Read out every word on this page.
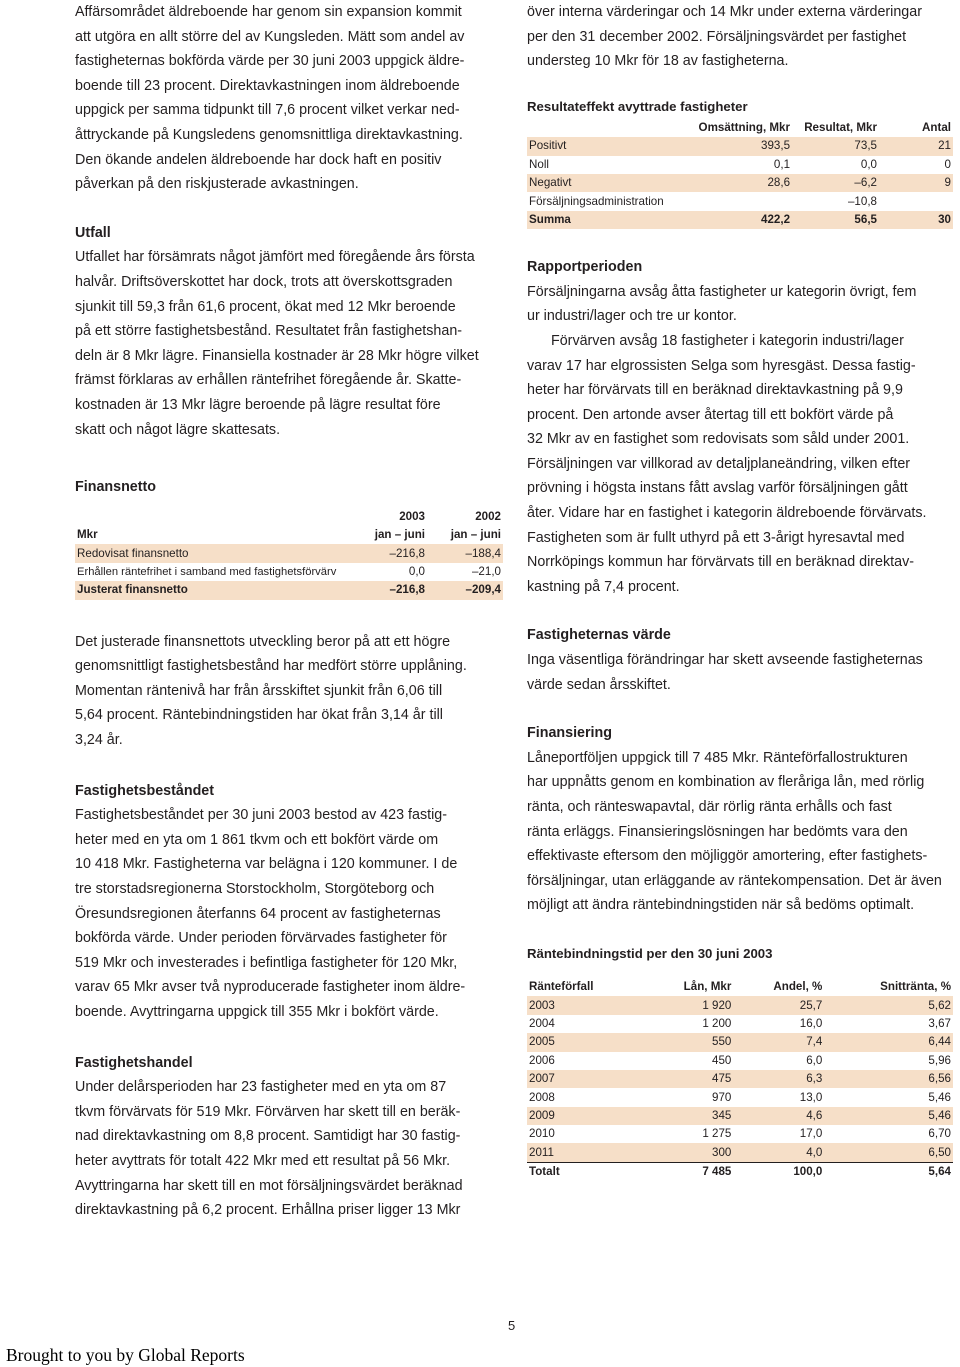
Affärsområdet äldreboende har genom sin expansion kommit
att utgöra en allt större del av Kungsleden. Mätt som andel av
fastigheternas bokförda värde per 30 juni 2003 uppgick äldre-
boende till 23 procent. Direktavkastningen inom äldreboende
uppgick per samma tidpunkt till 7,6 procent vilket verkar ned-
åttryckande på Kungsledens genomsnittliga direktavkastning.
Den ökande andelen äldreboende har dock haft en positiv
påverkan på den riskjusterade avkastningen.

Utfall

Utfallet har försämrats något jämfört med föregående års första
halvår. Driftsöverskottet har dock, trots att överskottsgraden
sjunkit till 59,3 från 61,6 procent, ökat med 12 Mkr beroende
på ett större fastighetsbestånd. Resultatet från fastighetshan-
deln är 8 Mkr lägre. Finansiella kostnader är 28 Mkr högre vilket
främst förklaras av erhållen räntefrihet föregående år. Skatte-
kostnaden är 13 Mkr lägre beroende på lägre resultat före
skatt och något lägre skattesats.

Finansnetto
	2003	2002
Mkr	jan – juni	jan – juni
Redovisat finansnetto	–216,8	–188,4
Erhållen räntefrihet i samband med fastighetsförvärv	0,0	–21,0
Justerat finansnetto	–216,8	–209,4

Det justerade finansnettots utveckling beror på att ett högre
genomsnittligt fastighetsbestånd har medfört större upplåning.
Momentan räntenivå har från årsskiftet sjunkit från 6,06 till
5,64 procent. Räntebindningstiden har ökat från 3,14 år till
3,24 år.

Fastighetsbeståndet

Fastighetsbeståndet per 30 juni 2003 bestod av 423 fastig-
heter med en yta om 1 861 tkvm och ett bokfört värde om
10 418 Mkr. Fastigheterna var belägna i 120 kommuner. I de
tre storstadsregionerna Storstockholm, Storgöteborg och
Öresundsregionen återfanns 64 procent av fastigheternas
bokförda värde. Under perioden förvärvades fastigheter för
519 Mkr och investerades i befintliga fastigheter för 120 Mkr,
varav 65 Mkr avser två nyproducerade fastigheter inom äldre-
boende. Avyttringarna uppgick till 355 Mkr i bokfört värde.

Fastighetshandel

Under delårsperioden har 23 fastigheter med en yta om 87
tkvm förvärvats för 519 Mkr. Förvärven har skett till en beräk-
nad direktavkastning om 8,8 procent. Samtidigt har 30 fastig-
heter avyttrats för totalt 422 Mkr med ett resultat på 56 Mkr.
Avyttringarna har skett till en mot försäljningsvärdet beräknad
direktavkastning på 6,2 procent. Erhållna priser ligger 13 Mkr

över interna värderingar och 14 Mkr under externa värderingar
per den 31 december 2002. Försäljningsvärdet per fastighet
understeg 10 Mkr för 18 av fastigheterna.

Resultateffekt avyttrade fastigheter
	Omsättning, Mkr	Resultat, Mkr	Antal
Positivt	393,5	73,5	21
Noll	0,1	0,0	0
Negativt	28,6	–6,2	9
Försäljningsadministration		–10,8	
Summa	422,2	56,5	30
Rapportperioden

Försäljningarna avsåg åtta fastigheter ur kategorin övrigt, fem
ur industri/lager och tre ur kontor.

Förvärven avsåg 18 fastigheter i kategorin industri/lager
varav 17 har elgrossisten Selga som hyresgäst. Dessa fastig-
heter har förvärvats till en beräknad direktavkastning på 9,9
procent. Den artonde avser återtag till ett bokfört värde på
32 Mkr av en fastighet som redovisats som såld under 2001.
Försäljningen var villkorad av detaljplaneändring, vilken efter
prövning i högsta instans fått avslag varför försäljningen gått
åter. Vidare har en fastighet i kategorin äldreboende förvärvats.
Fastigheten som är fullt uthyrd på ett 3-årigt hyresavtal med
Norrköpings kommun har förvärvats till en beräknad direktav-
kastning på 7,4 procent.

Fastigheternas värde

Inga väsentliga förändringar har skett avseende fastigheternas
värde sedan årsskiftet.

Finansiering

Låneportföljen uppgick till 7 485 Mkr. Ränteförfallostrukturen
har uppnåtts genom en kombination av fleråriga lån, med rörlig
ränta, och ränteswapavtal, där rörlig ränta erhålls och fast
ränta erläggs. Finansieringslösningen har bedömts vara den
effektivaste eftersom den möjliggör amortering, efter fastighets-
försäljningar, utan erläggande av räntekompensation. Det är även
möjligt att ändra räntebindningstiden när så bedöms optimalt.

Räntebindningstid per den 30 juni 2003
Ränteförfall	Lån, Mkr	Andel, %	Snittränta, %
2003	1 920	25,7	5,62
2004	1 200	16,0	3,67
2005	550	7,4	6,44
2006	450	6,0	5,96
2007	475	6,3	6,56
2008	970	13,0	5,46
2009	345	4,6	5,46
2010	1 275	17,0	6,70
2011	300	4,0	6,50
Totalt	7 485	100,0	5,64
5
Brought to you by Global Reports
